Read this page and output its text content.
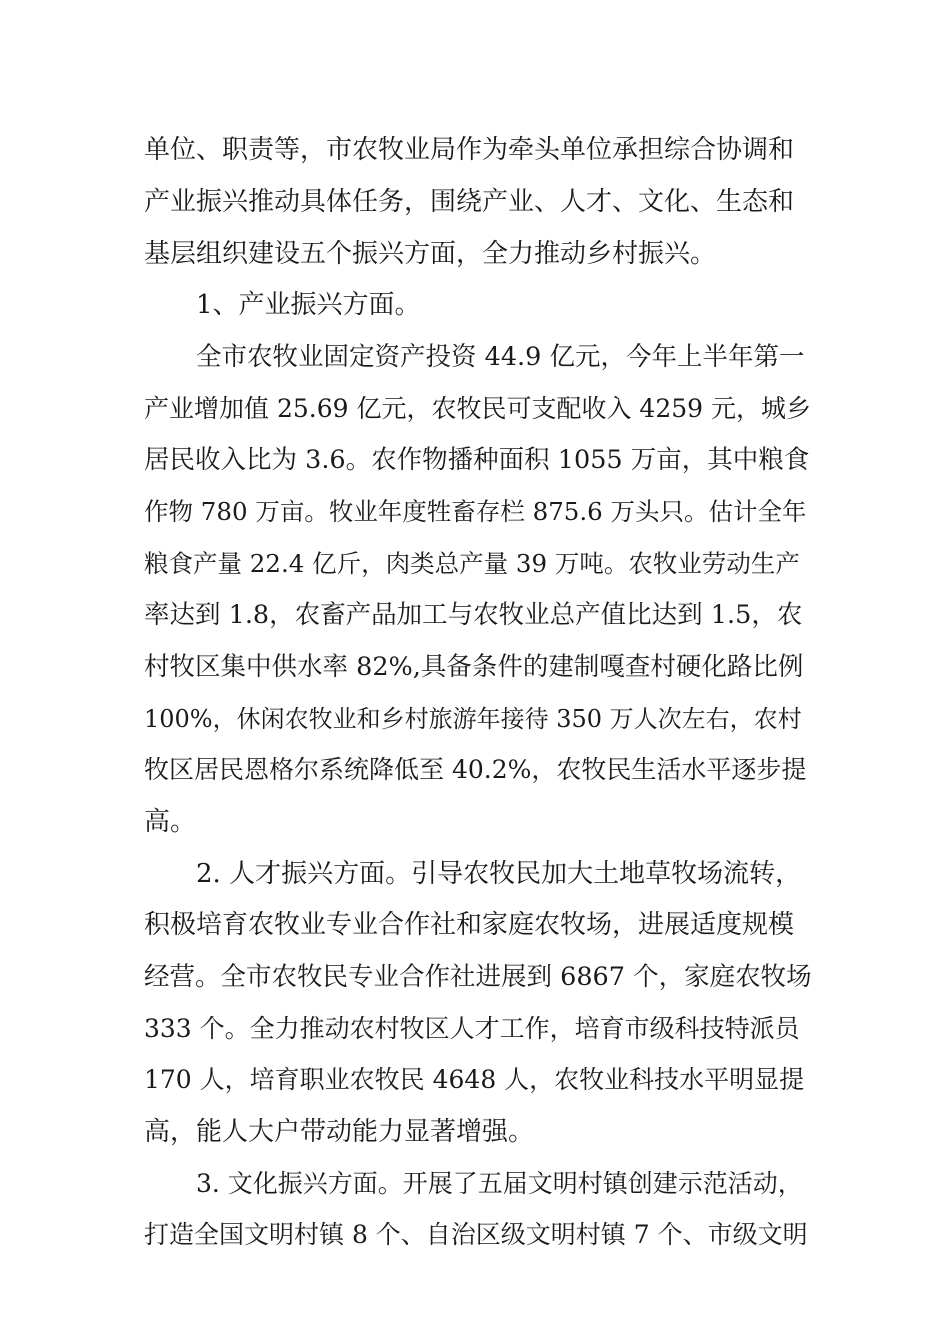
单位、职责等，市农牧业局作为牵头单位承担综合协调和
产业振兴推动具体任务，围绕产业、人才、文化、生态和
基层组织建设五个振兴方面，全力推动乡村振兴。
1、产业振兴方面。
全市农牧业固定资产投资 44.9 亿元，今年上半年第一
产业增加值 25.69 亿元，农牧民可支配收入 4259 元，城乡
居民收入比为 3.6。农作物播种面积 1055 万亩，其中粮食
作物 780 万亩。牧业年度牲畜存栏 875.6 万头只。估计全年
粮食产量 22.4 亿斤，肉类总产量 39 万吨。农牧业劳动生产
率达到 1.8，农畜产品加工与农牧业总产值比达到 1.5，农
村牧区集中供水率 82%,具备条件的建制嘎查村硬化路比例
100%，休闲农牧业和乡村旅游年接待 350 万人次左右，农村
牧区居民恩格尔系统降低至 40.2%，农牧民生活水平逐步提
高。
2. 人才振兴方面。引导农牧民加大土地草牧场流转，
积极培育农牧业专业合作社和家庭农牧场，进展适度规模
经营。全市农牧民专业合作社进展到 6867 个，家庭农牧场
333 个。全力推动农村牧区人才工作，培育市级科技特派员
170 人，培育职业农牧民 4648 人，农牧业科技水平明显提
高，能人大户带动能力显著增强。
3. 文化振兴方面。开展了五届文明村镇创建示范活动，
打造全国文明村镇 8 个、自治区级文明村镇 7 个、市级文明
